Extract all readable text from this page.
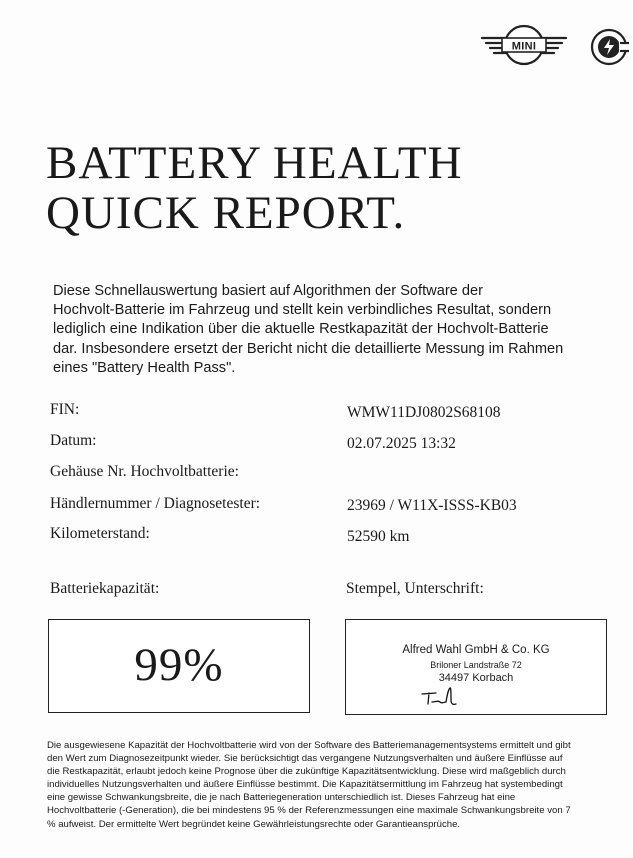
MINI
BATTERY HEALTH
QUICK REPORT.
Diese Schnellauswertung basiert auf Algorithmen der Software der
Hochvolt-Batterie im Fahrzeug und stellt kein verbindliches Resultat, sondern
lediglich eine Indikation über die aktuelle Restkapazität der Hochvolt-Batterie
dar. Insbesondere ersetzt der Bericht nicht die detaillierte Messung im Rahmen
eines "Battery Health Pass".
FIN:	WMW11DJ0802S68108
Datum:	02.07.2025 13:32
Gehäuse Nr. Hochvoltbatterie:
Händlernummer / Diagnosetester:	23969 / W11X-ISSS-KB03
Kilometerstand:	52590 km
Batteriekapazität:
99%
Stempel, Unterschrift:
Alfred Wahl GmbH & Co. KG
Briloner Landstraße 72
34497 Korbach
Die ausgewiesene Kapazität der Hochvoltbatterie wird von der Software des Batteriemanagementsystems ermittelt und gibt
den Wert zum Diagnosezeitpunkt wieder. Sie berücksichtigt das vergangene Nutzungsverhalten und äußere Einflüsse auf
die Restkapazität, erlaubt jedoch keine Prognose über die zukünftige Kapazitätsentwicklung. Diese wird maßgeblich durch
individuelles Nutzungsverhalten und äußere Einflüsse bestimmt. Die Kapazitätsermittlung im Fahrzeug hat systembedingt
eine gewisse Schwankungsbreite, die je nach Batteriegeneration unterschiedlich ist. Dieses Fahrzeug hat eine
Hochvoltbatterie (-Generation), die bei mindestens 95 % der Referenzmessungen eine maximale Schwankungsbreite von 7
% aufweist. Der ermittelte Wert begründet keine Gewährleistungsrechte oder Garantieansprüche.
